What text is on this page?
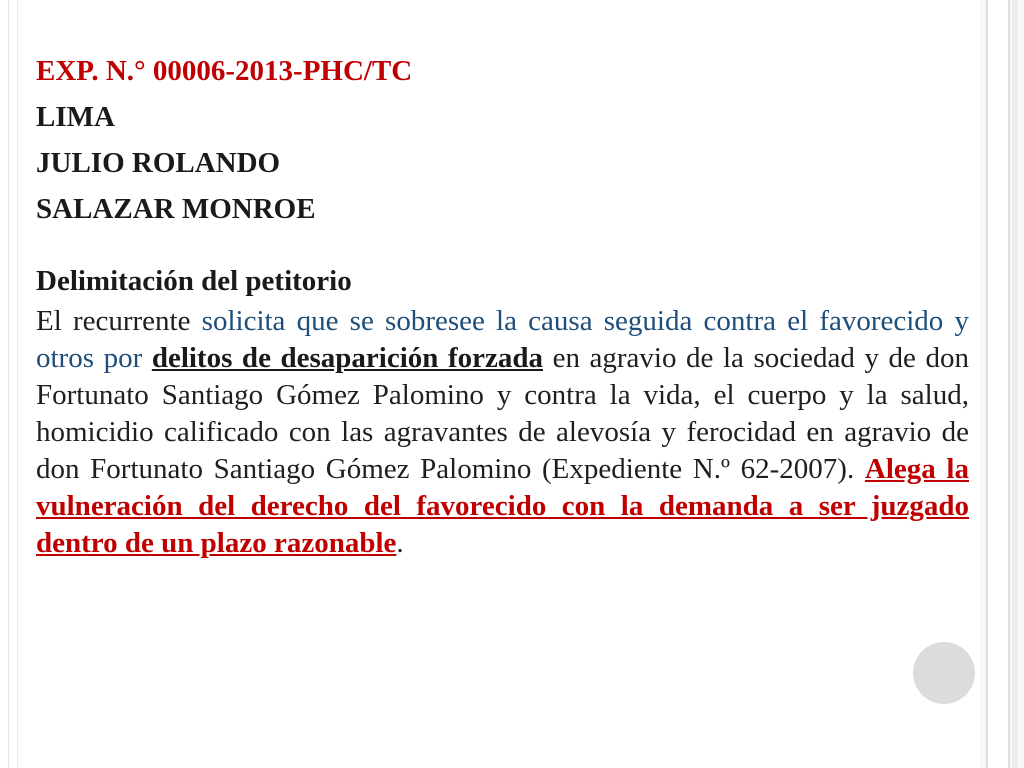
EXP. N.° 00006-2013-PHC/TC
LIMA
JULIO ROLANDO
SALAZAR MONROE
Delimitación del petitorio
El recurrente solicita que se sobresee la causa seguida contra el favorecido y otros por delitos de desaparición forzada en agravio de la sociedad y de don Fortunato Santiago Gómez Palomino y contra la vida, el cuerpo y la salud, homicidio calificado con las agravantes de alevosía y ferocidad en agravio de don Fortunato Santiago Gómez Palomino (Expediente N.º 62-2007). Alega la vulneración del derecho del favorecido con la demanda a ser juzgado dentro de un plazo razonable.
